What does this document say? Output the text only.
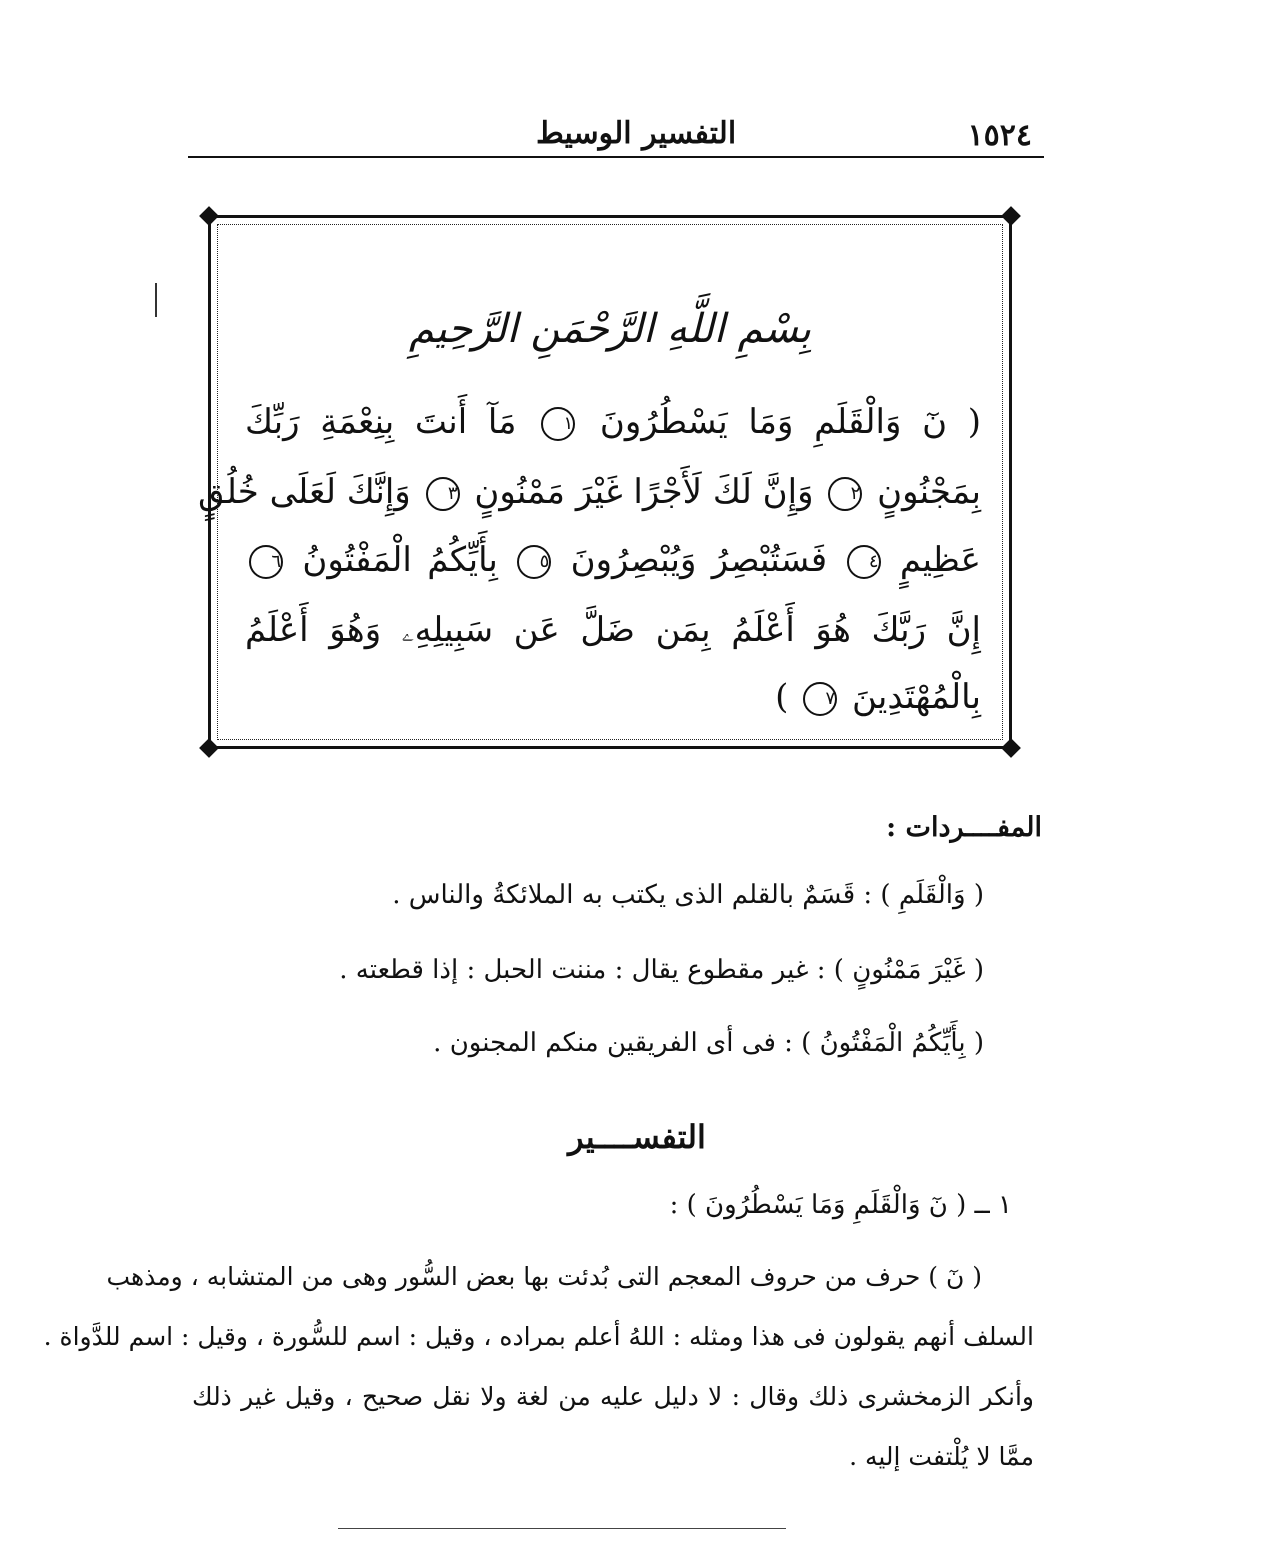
١٥٢٤
التفسير الوسيط
بِسْمِ اللَّهِ الرَّحْمَنِ الرَّحِيمِ
( نٓ وَالْقَلَمِ وَمَا يَسْطُرُونَ ١ مَآ أَنتَ بِنِعْمَةِ رَبِّكَ
بِمَجْنُونٍ ٢ وَإِنَّ لَكَ لَأَجْرًا غَيْرَ مَمْنُونٍ ٣ وَإِنَّكَ لَعَلَى خُلُقٍ
عَظِيمٍ ٤ فَسَتُبْصِرُ وَيُبْصِرُونَ ٥ بِأَيِّكُمُ الْمَفْتُونُ ٦
إِنَّ رَبَّكَ هُوَ أَعْلَمُ بِمَن ضَلَّ عَن سَبِيلِهِۦ وَهُوَ أَعْلَمُ
بِالْمُهْتَدِينَ ٧ )
المفــــردات :
( وَالْقَلَمِ ) : قَسَمٌ بالقلم الذى يكتب به الملائكةُ والناس .
( غَيْرَ مَمْنُونٍ ) : غير مقطوع يقال : مننت الحبل : إذا قطعته .
( بِأَيِّكُمُ الْمَفْتُونُ ) : فى أى الفريقين منكم المجنون .
التفســــير
١ ــ ( نٓ وَالْقَلَمِ وَمَا يَسْطُرُونَ ) :
( نٓ ) حرف من حروف المعجم التى بُدئت بها بعض السُّور وهى من المتشابه ، ومذهب
السلف أنهم يقولون فى هذا ومثله : اللهُ أعلم بمراده ، وقيل : اسم للسُّورة ، وقيل : اسم للدَّواة .
وأنكر الزمخشرى ذلك وقال : لا دليل عليه من لغة ولا نقل صحيح ، وقيل غير ذلك
ممَّا لا يُلْتفت إليه .
